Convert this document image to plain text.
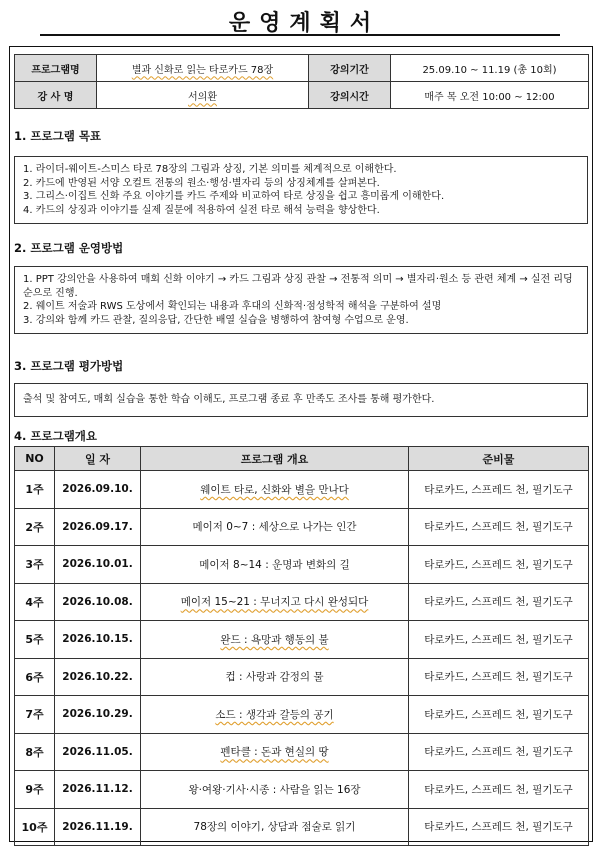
운영계획서
프로그램명	별과 신화로 읽는 타로카드 78장	강의기간	25.09.10 ~ 11.19 (총 10회)
강 사 명	서의환	강의시간	매주 목 오전 10:00 ~ 12:00
1. 프로그램 목표
1. 라이더-웨이트-스미스 타로 78장의 그림과 상징, 기본 의미를 체계적으로 이해한다.
2. 카드에 반영된 서양 오컬트 전통의 원소·행성·별자리 등의 상징체계를 살펴본다.
3. 그리스·이집트 신화 주요 이야기를 카드 주제와 비교하여 타로 상징을 쉽고 흥미롭게 이해한다.
4. 카드의 상징과 이야기를 실제 질문에 적용하여 실전 타로 해석 능력을 향상한다.
2. 프로그램 운영방법
1. PPT 강의안을 사용하여 매회 신화 이야기 → 카드 그림과 상징 관찰 → 전통적 의미 → 별자리·원소 등 관련 체계 → 실전 리딩 순으로 진행.
2. 웨이트 저술과 RWS 도상에서 확인되는 내용과 후대의 신화적·점성학적 해석을 구분하여 설명
3. 강의와 함께 카드 관찰, 질의응답, 간단한 배열 실습을 병행하여 참여형 수업으로 운영.
3. 프로그램 평가방법
출석 및 참여도, 매회 실습을 통한 학습 이해도, 프로그램 종료 후 만족도 조사를 통해 평가한다.
4. 프로그램개요
NO	일 자	프로그램 개요	준비물
1주	2026.09.10.	웨이트 타로, 신화와 별을 만나다	타로카드, 스프레드 천, 필기도구
2주	2026.09.17.	메이저 0~7 : 세상으로 나가는 인간	타로카드, 스프레드 천, 필기도구
3주	2026.10.01.	메이저 8~14 : 운명과 변화의 길	타로카드, 스프레드 천, 필기도구
4주	2026.10.08.	메이저 15~21 : 무너지고 다시 완성되다	타로카드, 스프레드 천, 필기도구
5주	2026.10.15.	완드 : 욕망과 행동의 불	타로카드, 스프레드 천, 필기도구
6주	2026.10.22.	컵 : 사랑과 감정의 물	타로카드, 스프레드 천, 필기도구
7주	2026.10.29.	소드 : 생각과 갈등의 공기	타로카드, 스프레드 천, 필기도구
8주	2026.11.05.	펜타클 : 돈과 현실의 땅	타로카드, 스프레드 천, 필기도구
9주	2026.11.12.	왕·여왕·기사·시종 : 사람을 읽는 16장	타로카드, 스프레드 천, 필기도구
10주	2026.11.19.	78장의 이야기, 상담과 점술로 읽기	타로카드, 스프레드 천, 필기도구
